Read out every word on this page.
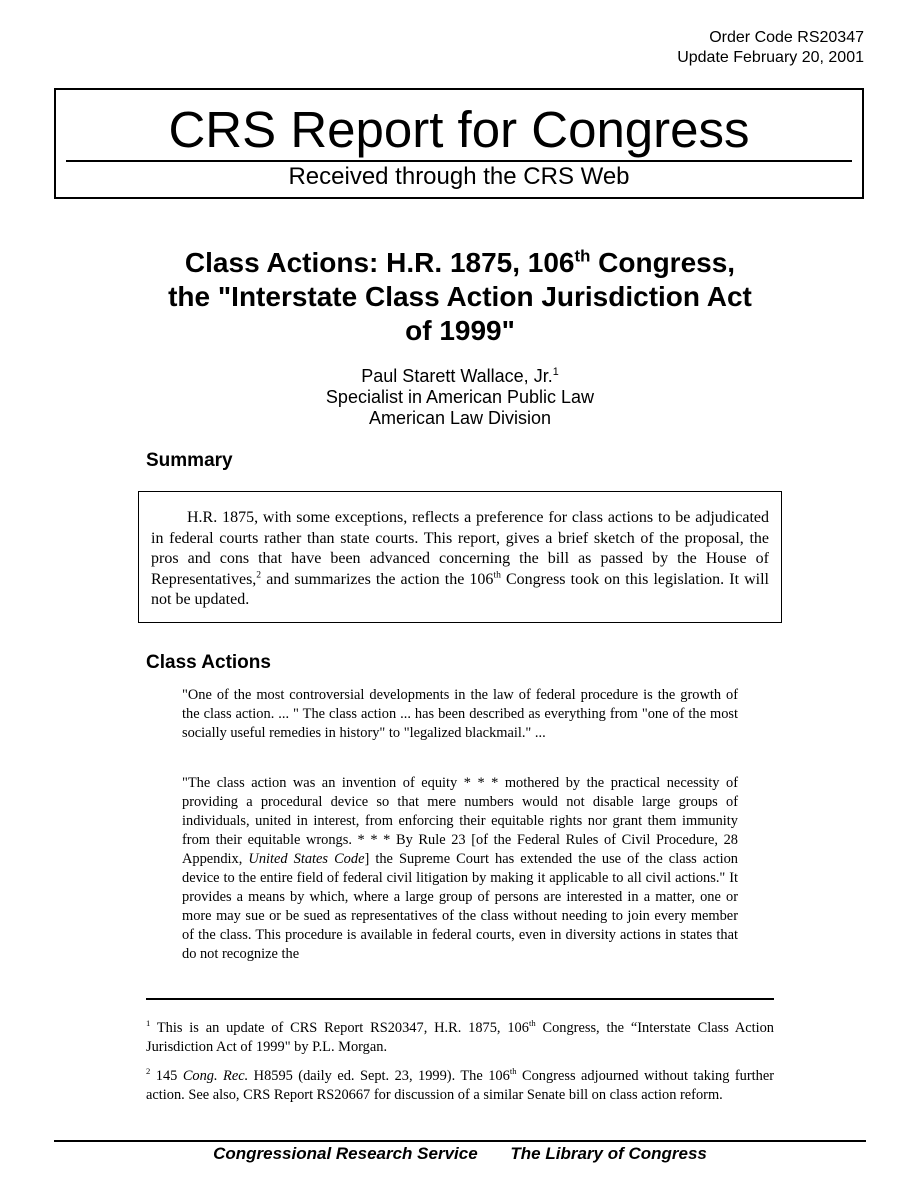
Order Code RS20347
Update February 20, 2001
CRS Report for Congress
Received through the CRS Web

Class Actions: H.R. 1875, 106th Congress,

the "Interstate Class Action Jurisdiction Act

of 1999"

Paul Starett Wallace, Jr.$^1$

Specialist in American Public Law

American Law Division

Summary

H.R. 1875, with some exceptions, reflects a preference for class actions to be adjudicated in federal courts rather than state courts. This report, gives a brief sketch of the proposal, the pros and cons that have been advanced concerning the bill as passed by the House of Representatives,$^2$ and summarizes the action the 106th Congress took on this legislation. It will not be updated.

Class Actions

"One of the most controversial developments in the law of federal procedure is the growth of the class action. ... " The class action ... has been described as everything from "one of the most socially useful remedies in history" to "legalized blackmail." ...

"The class action was an invention of equity * * * mothered by the practical necessity of providing a procedural device so that mere numbers would not disable large groups of individuals, united in interest, from enforcing their equitable rights nor grant them immunity from their equitable wrongs. * * * By Rule 23 [of the Federal Rules of Civil Procedure, 28 Appendix, United States Code] the Supreme Court has extended the use of the class action device to the entire field of federal civil litigation by making it applicable to all civil actions." It provides a means by which, where a large group of persons are interested in a matter, one or more may sue or be sued as representatives of the class without needing to join every member of the class. This procedure is available in federal courts, even in diversity actions in states that do not recognize the

$^1$ This is an update of CRS Report RS20347, H.R. 1875, 106th Congress, the “Interstate Class Action Jurisdiction Act of 1999" by P.L. Morgan.

$^2$ 145 Cong. Rec. H8595 (daily ed. Sept. 23, 1999). The 106th Congress adjourned without taking further action. See also, CRS Report RS20667 for discussion of a similar Senate bill on class action reform.

Congressional Research Service The Library of Congress
